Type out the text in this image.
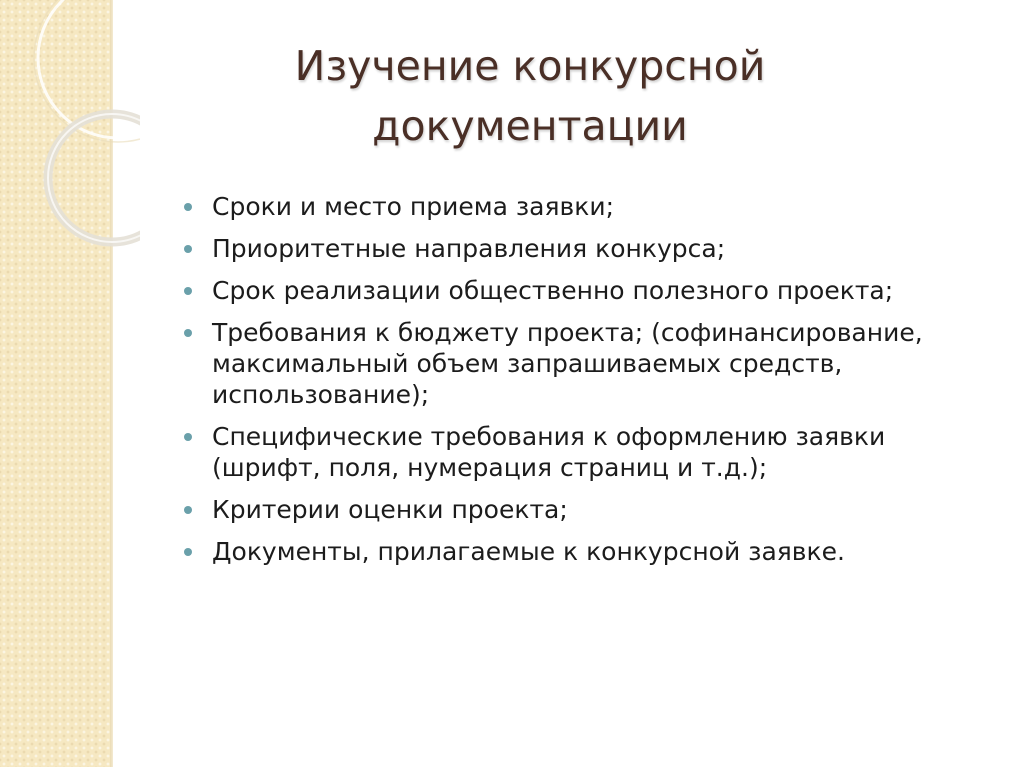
Изучение конкурсной документации
Сроки и место приема заявки;
Приоритетные направления конкурса;
Срок реализации общественно полезного проекта;
Требования к бюджету проекта; (софинансирование, максимальный объем запрашиваемых средств, использование);
Специфические требования к оформлению заявки (шрифт, поля, нумерация страниц и т.д.);
Критерии оценки проекта;
Документы, прилагаемые к конкурсной заявке.
